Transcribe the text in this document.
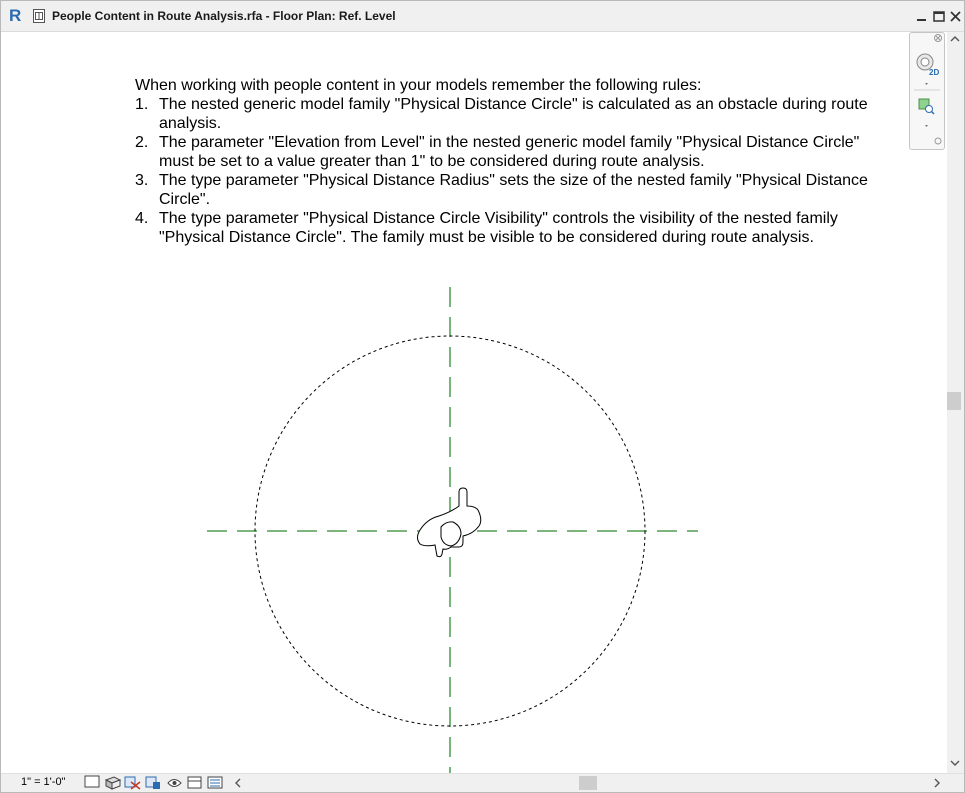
R	People Content in Route Analysis.rfa - Floor Plan: Ref. Level

When working with people content in your models remember the following rules:

1. The nested generic model family "Physical Distance Circle" is calculated as an obstacle during route analysis.
2. The parameter "Elevation from Level" in the nested generic model family "Physical Distance Circle" must be set to a value greater than 1" to be considered during route analysis.
3. The type parameter "Physical Distance Radius" sets the size of the nested family "Physical Distance Circle".
4. The type parameter "Physical Distance Circle Visibility" controls the visibility of the nested family "Physical Distance Circle". The family must be visible to be considered during route analysis.
2D
1" = 1'-0"
